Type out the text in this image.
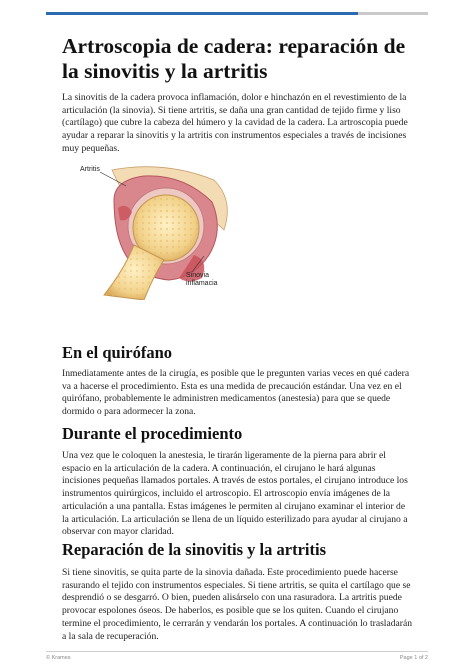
Artroscopia de cadera: reparación de la sinovitis y la artritis

La sinovitis de la cadera provoca inflamación, dolor e hinchazón en el revestimiento de la articulación (la sinovia). Si tiene artritis, se daña una gran cantidad de tejido firme y liso (cartílago) que cubre la cabeza del húmero y la cavidad de la cadera. La artroscopia puede ayudar a reparar la sinovitis y la artritis con instrumentos especiales a través de incisiones muy pequeñas.

Artritis
Sinovia
inflamacia
En el quirófano

Inmediatamente antes de la cirugía, es posible que le pregunten varias veces en qué cadera va a hacerse el procedimiento. Esta es una medida de precaución estándar. Una vez en el quirófano, probablemente le administren medicamentos (anestesia) para que se quede dormido o para adormecer la zona.

Durante el procedimiento

Una vez que le coloquen la anestesia, le tirarán ligeramente de la pierna para abrir el espacio en la articulación de la cadera. A continuación, el cirujano le hará algunas incisiones pequeñas llamados portales. A través de estos portales, el cirujano introduce los instrumentos quirúrgicos, incluido el artroscopio. El artroscopio envía imágenes de la articulación a una pantalla. Estas imágenes le permiten al cirujano examinar el interior de la articulación. La articulación se llena de un líquido esterilizado para ayudar al cirujano a observar con mayor claridad.

Reparación de la sinovitis y la artritis

Si tiene sinovitis, se quita parte de la sinovia dañada. Este procedimiento puede hacerse rasurando el tejido con instrumentos especiales. Si tiene artritis, se quita el cartílago que se desprendió o se desgarró. O bien, pueden alisárselo con una rasuradora. La artritis puede provocar espolones óseos. De haberlos, es posible que se los quiten. Cuando el cirujano termine el procedimiento, le cerrarán y vendarán los portales. A continuación lo trasladarán a la sala de recuperación.

© Krames	Page 1 of 2
